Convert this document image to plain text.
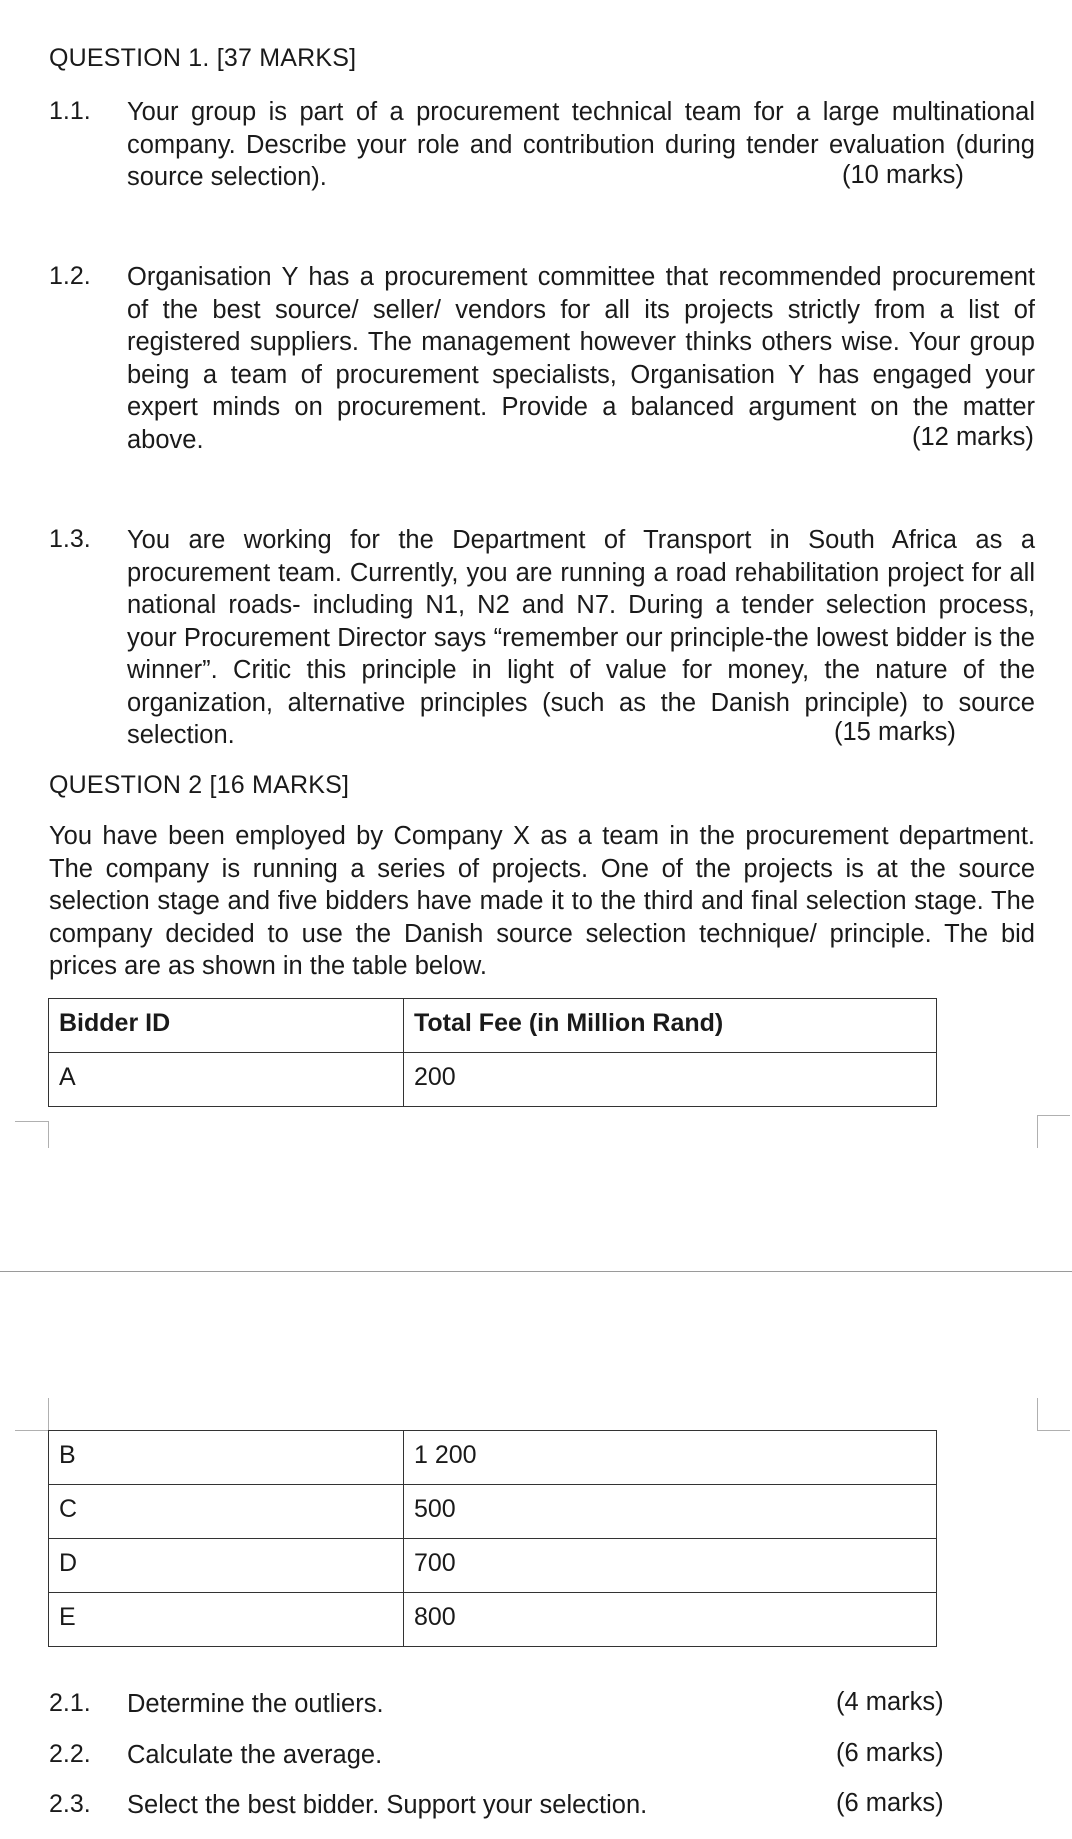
QUESTION 1. [37 MARKS]
1.1. Your group is part of a procurement technical team for a large multinational company. Describe your role and contribution during tender evaluation (during source selection).	(10 marks)
1.2. Organisation Y has a procurement committee that recommended procurement of the best source/ seller/ vendors for all its projects strictly from a list of registered suppliers. The management however thinks others wise. Your group being a team of procurement specialists, Organisation Y has engaged your expert minds on procurement. Provide a balanced argument on the matter above.	(12 marks)
1.3. You are working for the Department of Transport in South Africa as a procurement team. Currently, you are running a road rehabilitation project for all national roads- including N1, N2 and N7. During a tender selection process, your Procurement Director says “remember our principle-the lowest bidder is the winner”. Critic this principle in light of value for money, the nature of the organization, alternative principles (such as the Danish principle) to source selection.	(15 marks)
QUESTION 2 [16 MARKS]
You have been employed by Company X as a team in the procurement department. The company is running a series of projects. One of the projects is at the source selection stage and five bidders have made it to the third and final selection stage. The company decided to use the Danish source selection technique/ principle. The bid prices are as shown in the table below.
Bidder ID	Total Fee (in Million Rand)
A	200
B	1 200
C	500
D	700
E	800
2.1. Determine the outliers.	(4 marks)
2.2. Calculate the average.	(6 marks)
2.3. Select the best bidder. Support your selection.	(6 marks)
